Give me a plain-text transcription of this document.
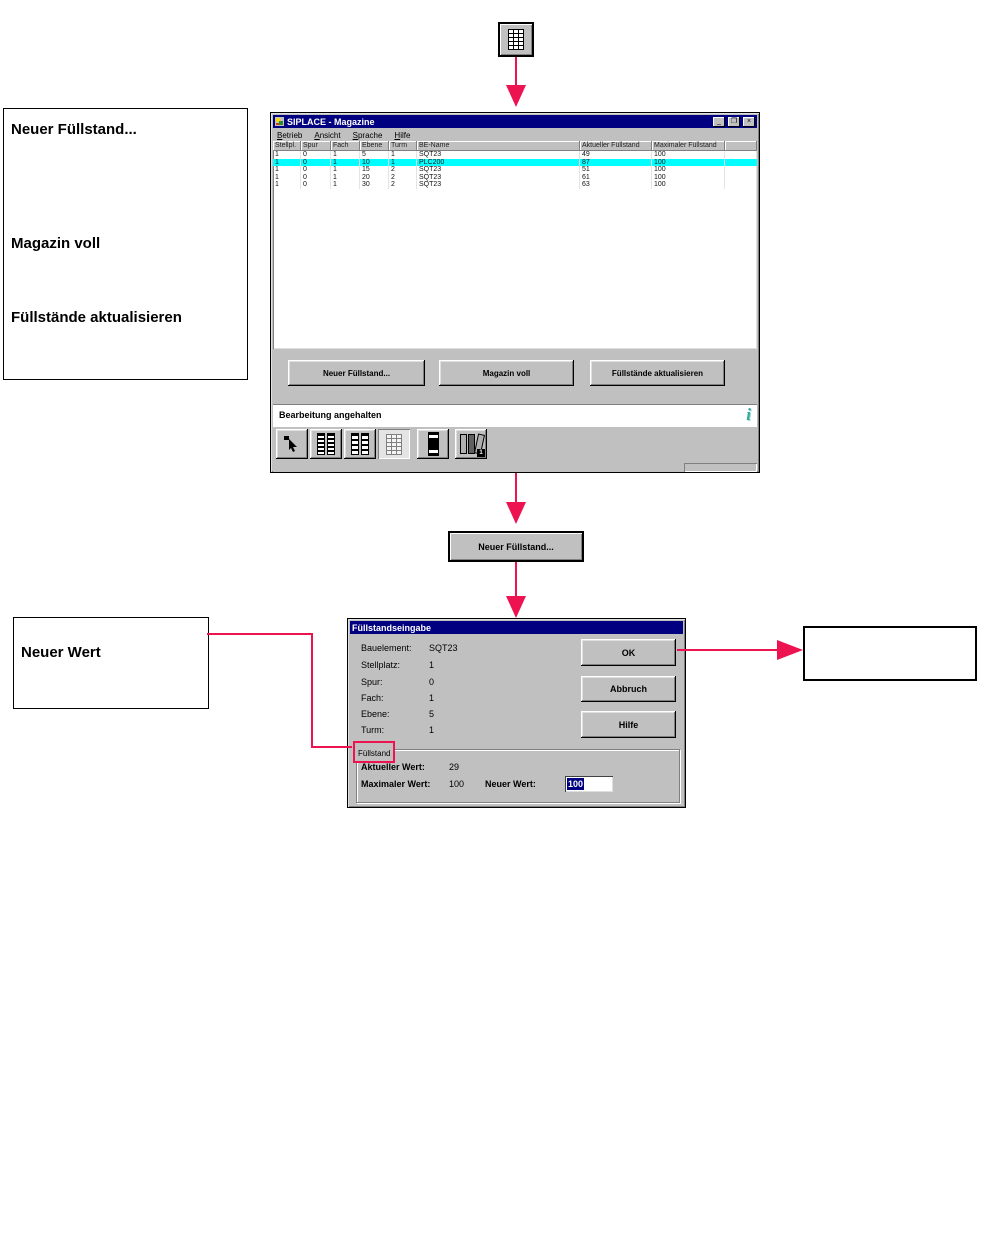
Neuer Füllstand...
Magazin voll
Füllstände aktualisieren
SIPLACE - Magazine	_	❐	×
Betrieb Ansicht Sprache Hilfe
Stellpl. Spur	Fach	Ebene	Turm	BE-Name	Aktueller Füllstand	Maximaler Füllstand
1	0	1	5	1	SQT23	49	100
1	0	1	10	1	PLC200	87	100
1	0	1	15	2	SQT23	51	100
1	0	1	20	2	SQT23	61	100
1	0	1	30	2	SQT23	63	100
Neuer Füllstand...	Magazin voll	Füllstände aktualisieren
Bearbeitung angehalten	i
1
Neuer Füllstand...
Füllstandseingabe
Bauelement: SQT23
Stellplatz:	1
Spur:	0
Fach:	1
Ebene:	5
Turm:	1
OK
Abbruch
Hilfe
Füllstand
Aktueller Wert:	29
Maximaler Wert: 100 Neuer Wert:	100
Neuer Wert
